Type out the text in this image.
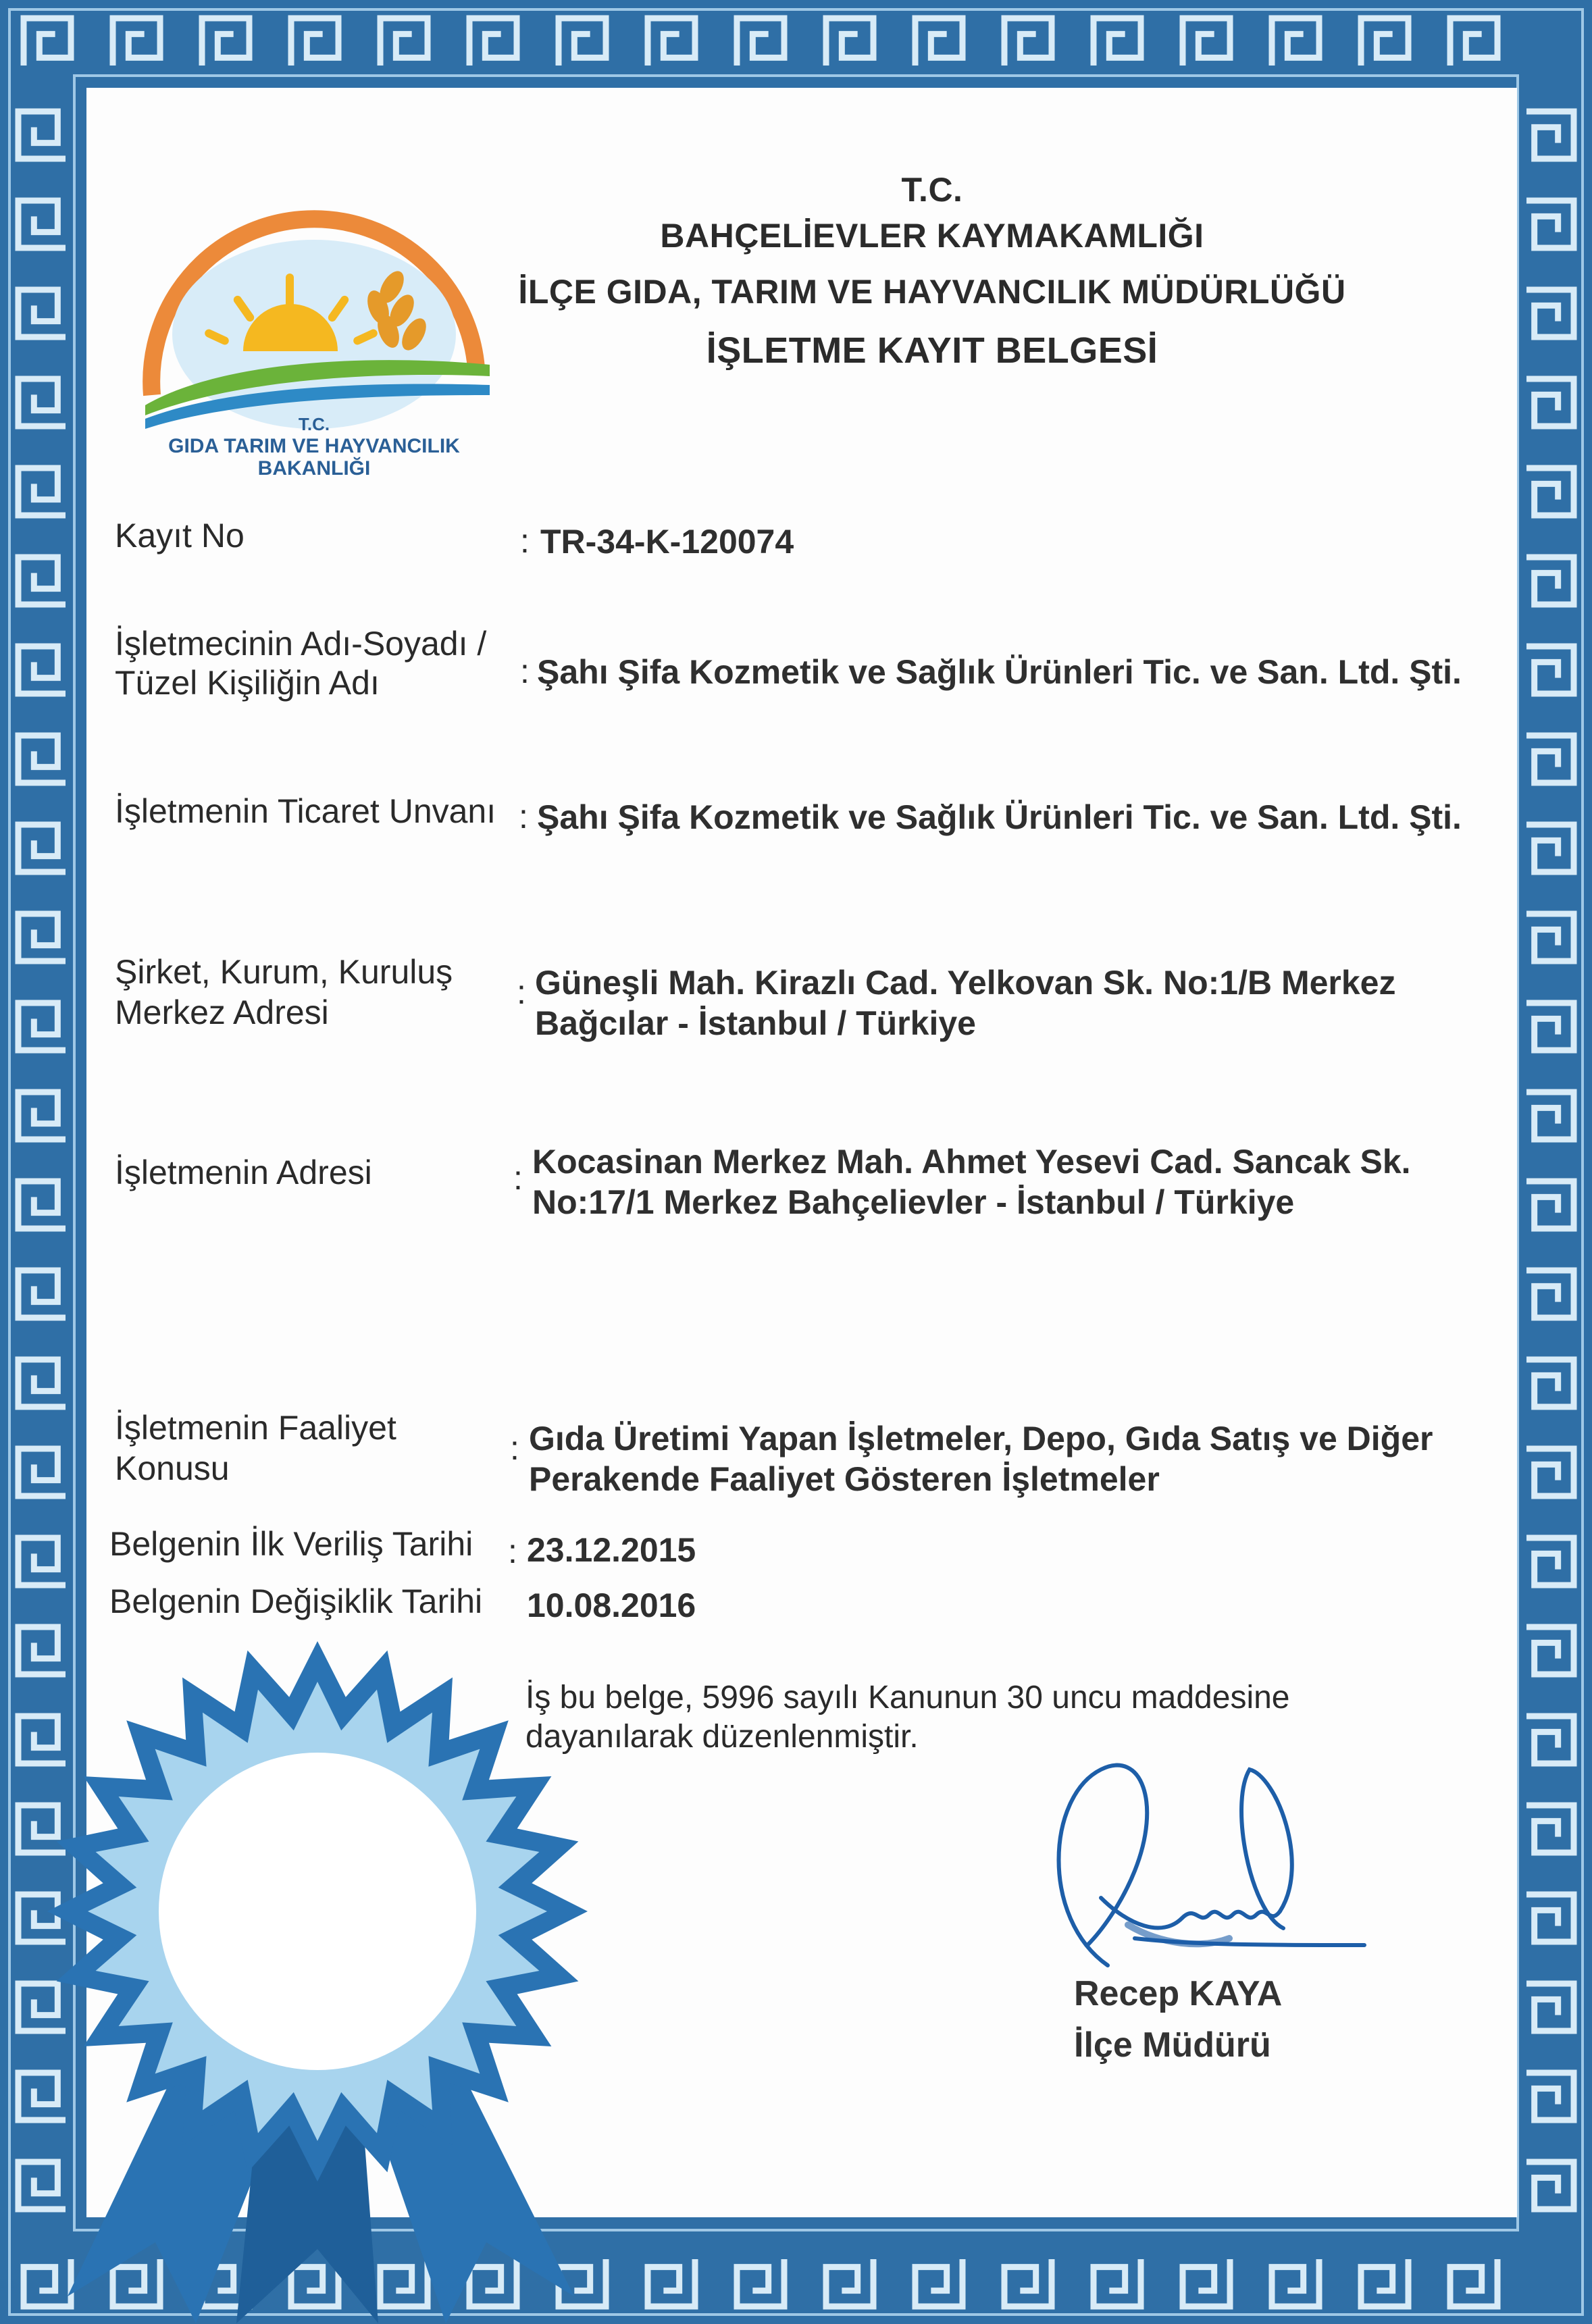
T.C.
GIDA TARIM VE HAYVANCILIK
BAKANLIĞI
T.C.
BAHÇELİEVLER KAYMAKAMLIĞI
İLÇE GIDA, TARIM VE HAYVANCILIK MÜDÜRLÜĞÜ
İŞLETME KAYIT BELGESİ
Kayıt No	: TR-34-K-120074
İşletmecinin Adı-Soyadı /
Tüzel Kişiliğin Adı	: Şahı Şifa Kozmetik ve Sağlık Ürünleri Tic. ve San. Ltd. Şti.
İşletmenin Ticaret Unvanı : Şahı Şifa Kozmetik ve Sağlık Ürünleri Tic. ve San. Ltd. Şti.
Şirket, Kurum, Kuruluş
Merkez Adresi
: Güneşli Mah. Kirazlı Cad. Yelkovan Sk. No:1/B Merkez
Bağcılar - İstanbul / Türkiye
İşletmenin Adresi	: Kocasinan Merkez Mah. Ahmet Yesevi Cad. Sancak Sk.
No:17/1 Merkez Bahçelievler - İstanbul / Türkiye
İşletmenin Faaliyet
Konusu
: Gıda Üretimi Yapan İşletmeler, Depo, Gıda Satış ve Diğer
Perakende Faaliyet Gösteren İşletmeler
Belgenin İlk Veriliş Tarihi : 23.12.2015
Belgenin Değişiklik Tarihi 10.08.2016
İş bu belge, 5996 sayılı Kanunun 30 uncu maddesine
dayanılarak düzenlenmiştir.
Recep KAYA
İlçe Müdürü
